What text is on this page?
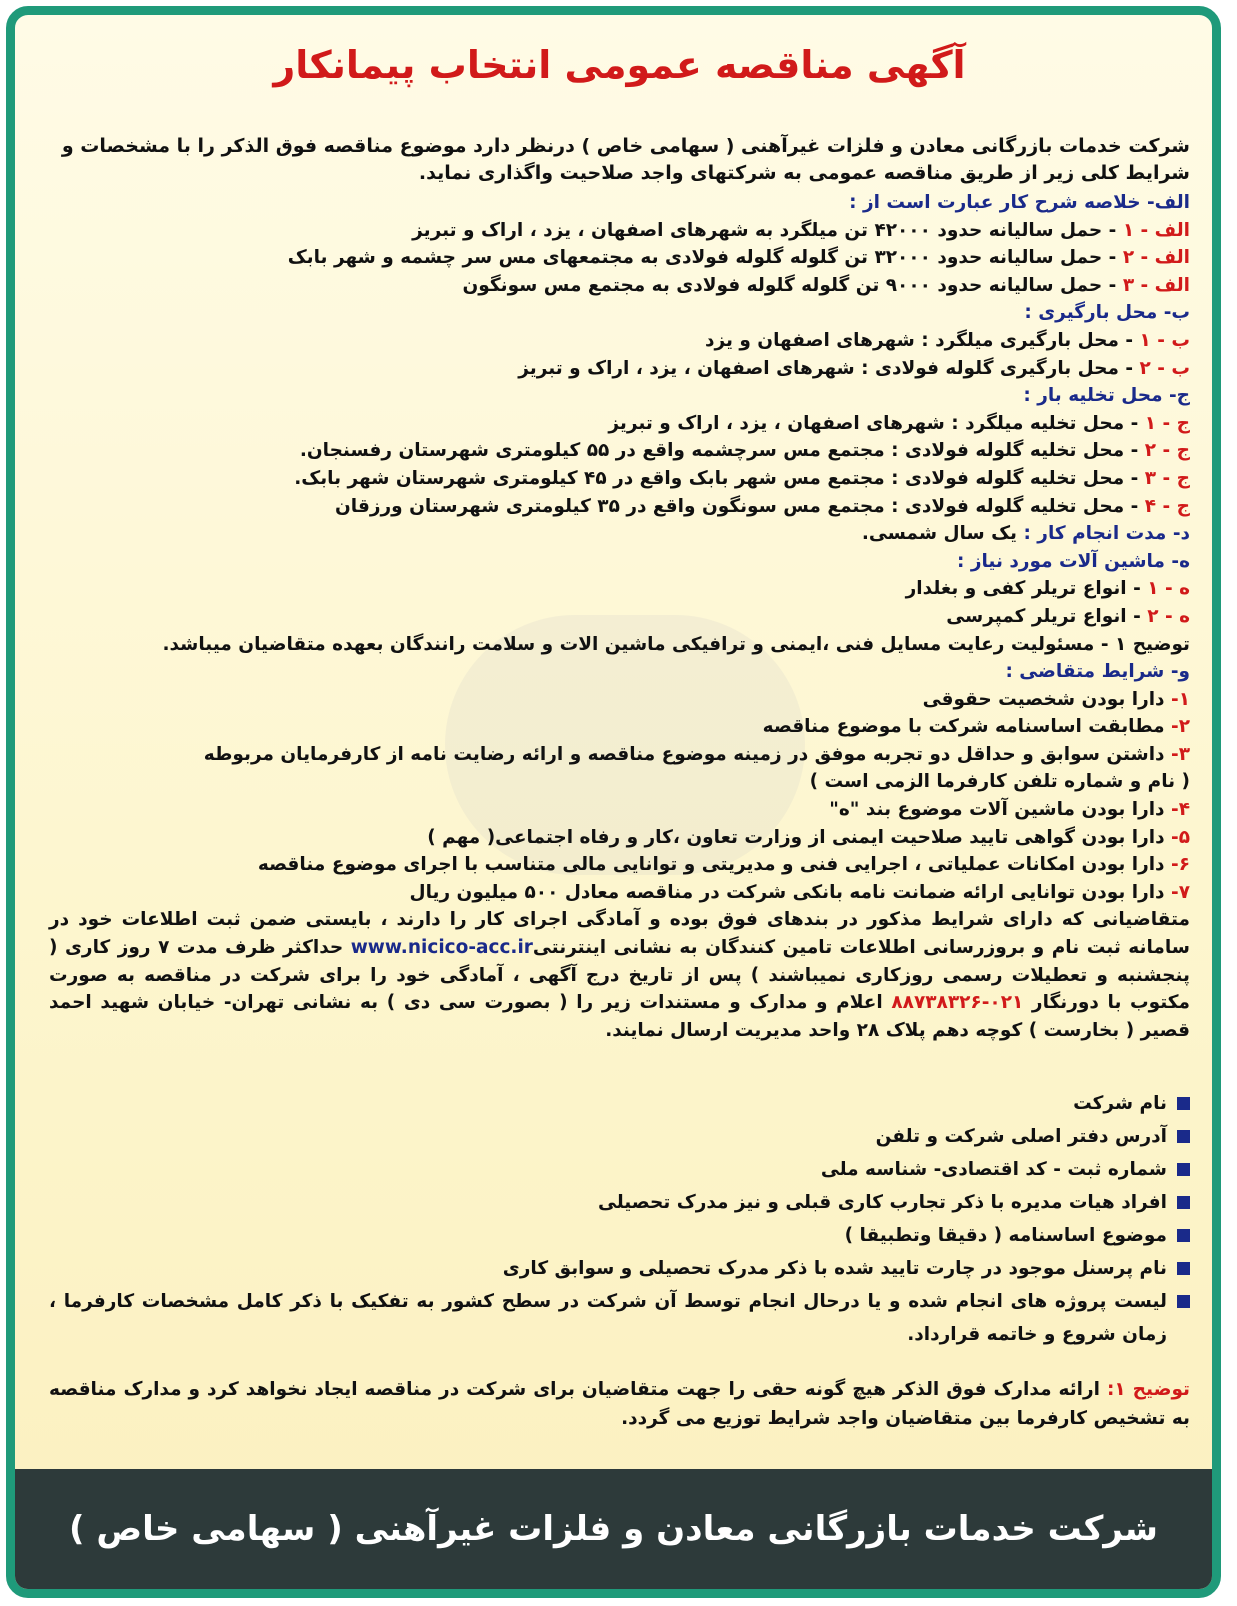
آگهی مناقصه عمومی انتخاب پیمانکار
شرکت خدمات بازرگانی معادن و فلزات غیرآهنی ( سهامی خاص ) درنظر دارد موضوع مناقصه فوق الذکر را با مشخصات و شرایط کلی زیر از طریق مناقصه عمومی به شرکتهای واجد صلاحیت واگذاری نماید.
الف- خلاصه شرح کار عبارت است از :
الف - ۱ - حمل سالیانه حدود ۴۲۰۰۰ تن میلگرد به شهرهای اصفهان ، یزد ، اراک و تبریز
الف - ۲ - حمل سالیانه حدود ۳۲۰۰۰ تن گلوله گلوله فولادی به مجتمعهای مس سر چشمه و شهر بابک
الف - ۳ - حمل سالیانه حدود ۹۰۰۰ تن گلوله گلوله فولادی به مجتمع مس سونگون
ب- محل بارگیری :
ب - ۱ - محل بارگیری میلگرد : شهرهای اصفهان و یزد
ب - ۲ - محل بارگیری گلوله فولادی : شهرهای اصفهان ، یزد ، اراک و تبریز
ج- محل تخلیه بار :
ج - ۱ - محل تخلیه میلگرد : شهرهای اصفهان ، یزد ، اراک و تبریز
ج - ۲ - محل تخلیه گلوله فولادی : مجتمع مس سرچشمه واقع در ۵۵ کیلومتری شهرستان رفسنجان.
ج - ۳ - محل تخلیه گلوله فولادی : مجتمع مس شهر بابک واقع در ۴۵ کیلومتری شهرستان شهر بابک.
ج - ۴ - محل تخلیه گلوله فولادی : مجتمع مس سونگون واقع در ۳۵ کیلومتری شهرستان ورزقان
د- مدت انجام کار : یک سال شمسی.
ه- ماشین آلات مورد نیاز :
ه - ۱ - انواع تریلر کفی و بغلدار
ه - ۲ - انواع تریلر کمپرسی
توضیح ۱ - مسئولیت رعایت مسایل فنی ،ایمنی و ترافیکی ماشین الات و سلامت رانندگان بعهده متقاضیان میباشد.
و- شرایط متقاضی :
۱- دارا بودن شخصیت حقوقی
۲- مطابقت اساسنامه شرکت با موضوع مناقصه
۳- داشتن سوابق و حداقل دو تجربه موفق در زمینه موضوع مناقصه و ارائه رضایت نامه از کارفرمایان مربوطه
( نام و شماره تلفن کارفرما الزمی است )
۴- دارا بودن ماشین آلات موضوع بند "ه"
۵- دارا بودن گواهی تایید صلاحیت ایمنی از وزارت تعاون ،کار و رفاه اجتماعی( مهم )
۶- دارا بودن امکانات عملیاتی ، اجرایی فنی و مدیریتی و توانایی مالی متناسب با اجرای موضوع مناقصه
۷- دارا بودن توانایی ارائه ضمانت نامه بانکی شرکت در مناقصه معادل ۵۰۰ میلیون ریال
متقاضیانی که دارای شرایط مذکور در بندهای فوق بوده و آمادگی اجرای کار را دارند ، بایستی ضمن ثبت اطلاعات خود در سامانه ثبت نام و بروزرسانی اطلاعات تامین کنندگان به نشانی اینترنتیwww.nicico-acc.ir حداکثر ظرف مدت ۷ روز کاری ( پنجشنبه و تعطیلات رسمی روزکاری نمیباشند ) پس از تاریخ درج آگهی ، آمادگی خود را برای شرکت در مناقصه به صورت مکتوب با دورنگار ۰۲۱-۸۸۷۳۸۳۲۶ اعلام و مدارک و مستندات زیر را ( بصورت سی دی ) به نشانی تهران- خیابان شهید احمد قصیر ( بخارست ) کوچه دهم پلاک ۲۸ واحد مدیریت ارسال نمایند.
نام شرکت
آدرس دفتر اصلی شرکت و تلفن
شماره ثبت - کد اقتصادی- شناسه ملی
افراد هیات مدیره با ذکر تجارب کاری قبلی و نیز مدرک تحصیلی
موضوع اساسنامه ( دقیقا وتطبیقا )
نام پرسنل موجود در چارت تایید شده با ذکر مدرک تحصیلی و سوابق کاری
لیست پروژه های انجام شده و یا درحال انجام توسط آن شرکت در سطح کشور به تفکیک با ذکر کامل مشخصات کارفرما ، زمان شروع و خاتمه قرارداد.
توضیح ۱: ارائه مدارک فوق الذکر هیچ گونه حقی را جهت متقاضیان برای شرکت در مناقصه ایجاد نخواهد کرد و مدارک مناقصه به تشخیص کارفرما بین متقاضیان واجد شرایط توزیع می گردد.
شرکت خدمات بازرگانی معادن و فلزات غیرآهنی ( سهامی خاص )
